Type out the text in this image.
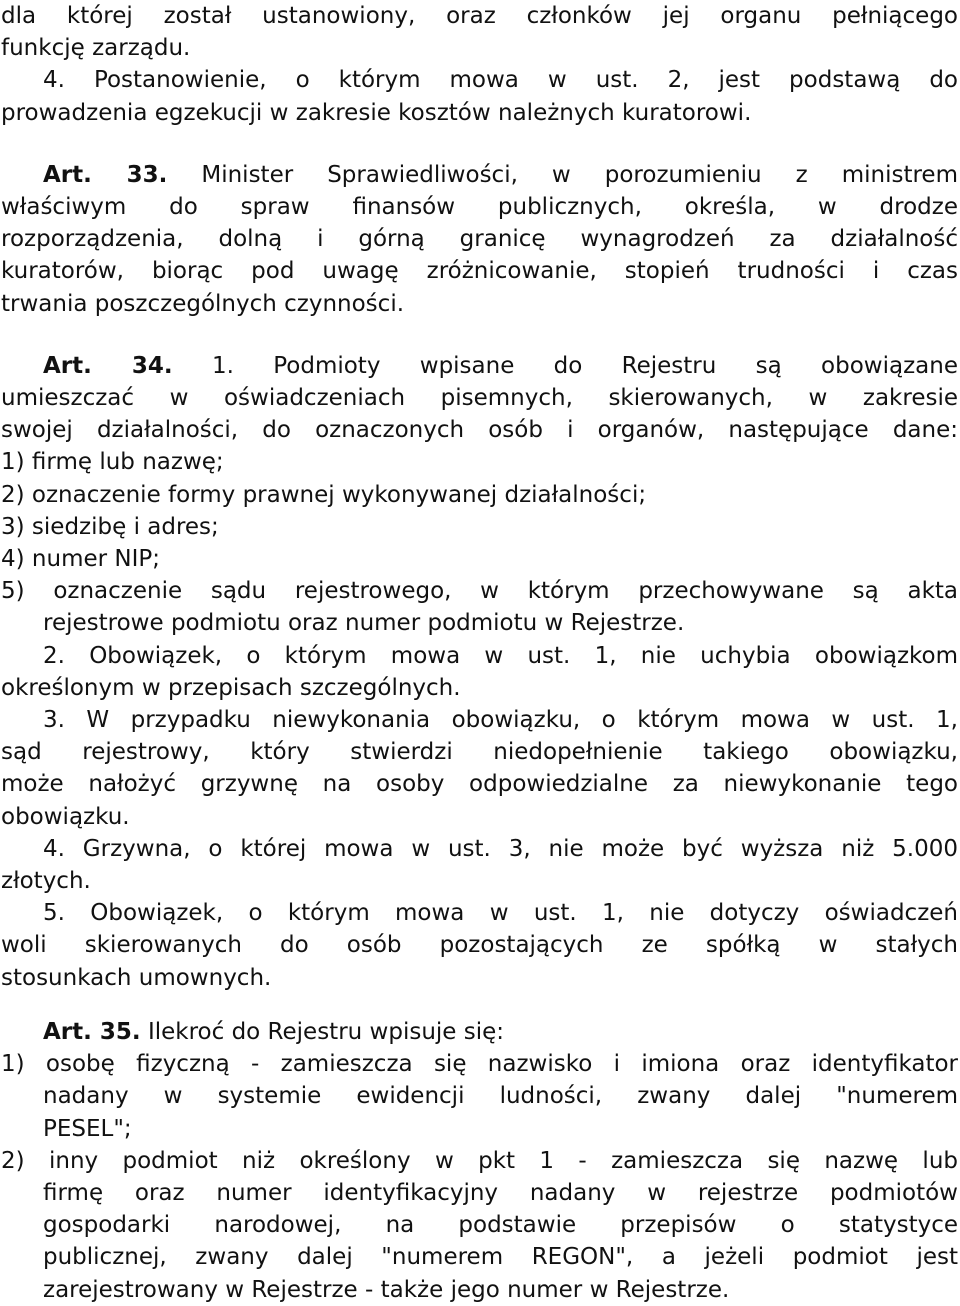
dla której został ustanowiony, oraz członków jej organu pełniącego

funkcję zarządu.

4. Postanowienie, o którym mowa w ust. 2, jest podstawą do

prowadzenia egzekucji w zakresie kosztów należnych kuratorowi.

Art. 33. Minister Sprawiedliwości, w porozumieniu z ministrem

właściwym do spraw finansów publicznych, określa, w drodze

rozporządzenia, dolną i górną granicę wynagrodzeń za działalność

kuratorów, biorąc pod uwagę zróżnicowanie, stopień trudności i czas

trwania poszczególnych czynności.

Art. 34. 1. Podmioty wpisane do Rejestru są obowiązane

umieszczać w oświadczeniach pisemnych, skierowanych, w zakresie

swojej działalności, do oznaczonych osób i organów, następujące dane:

1) firmę lub nazwę;

2) oznaczenie formy prawnej wykonywanej działalności;

3) siedzibę i adres;

4) numer NIP;

5) oznaczenie sądu rejestrowego, w którym przechowywane są akta

rejestrowe podmiotu oraz numer podmiotu w Rejestrze.

2. Obowiązek, o którym mowa w ust. 1, nie uchybia obowiązkom

określonym w przepisach szczególnych.

3. W przypadku niewykonania obowiązku, o którym mowa w ust. 1,

sąd rejestrowy, który stwierdzi niedopełnienie takiego obowiązku,

może nałożyć grzywnę na osoby odpowiedzialne za niewykonanie tego

obowiązku.

4. Grzywna, o której mowa w ust. 3, nie może być wyższa niż 5.000

złotych.

5. Obowiązek, o którym mowa w ust. 1, nie dotyczy oświadczeń

woli skierowanych do osób pozostających ze spółką w stałych

stosunkach umownych.

Art. 35. Ilekroć do Rejestru wpisuje się:

1) osobę fizyczną - zamieszcza się nazwisko i imiona oraz identyfikator

nadany w systemie ewidencji ludności, zwany dalej "numerem

PESEL";

2) inny podmiot niż określony w pkt 1 - zamieszcza się nazwę lub

firmę oraz numer identyfikacyjny nadany w rejestrze podmiotów

gospodarki narodowej, na podstawie przepisów o statystyce

publicznej, zwany dalej "numerem REGON", a jeżeli podmiot jest

zarejestrowany w Rejestrze - także jego numer w Rejestrze.
